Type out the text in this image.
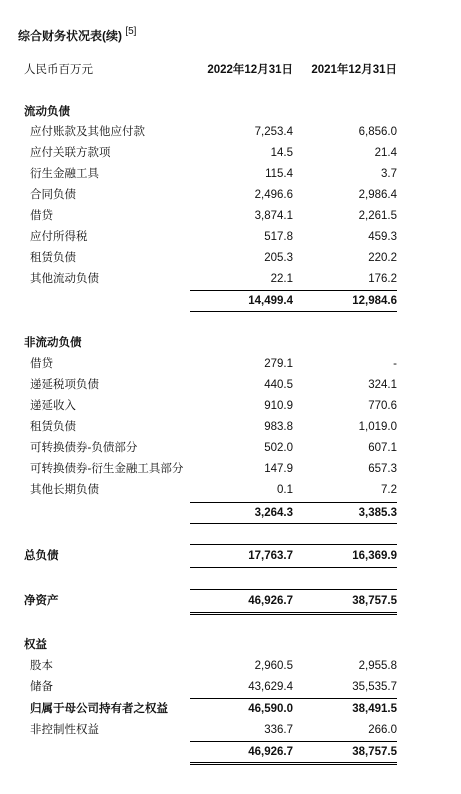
综合财务状况表(续) [5]
人民币百万元	2022年12月31日 2021年12月31日
流动负债
应付账款及其他应付款	7,253.4	6,856.0
应付关联方款项	14.5	21.4
衍生金融工具	115.4	3.7
合同负债	2,496.6	2,986.4
借贷	3,874.1	2,261.5
应付所得税	517.8	459.3
租赁负债	205.3	220.2
其他流动负债	22.1	176.2
14,499.4	12,984.6
非流动负债
借贷	279.1	-
递延税项负债	440.5	324.1
递延收入	910.9	770.6
租赁负债	983.8	1,019.0
可转换债券-负债部分	502.0	607.1
可转换债券-衍生金融工具部分	147.9	657.3
其他长期负债	0.1	7.2
3,264.3	3,385.3
总负债	17,763.7	16,369.9
净资产	46,926.7	38,757.5
权益
股本	2,960.5	2,955.8
储备	43,629.4	35,535.7
归属于母公司持有者之权益	46,590.0	38,491.5
非控制性权益	336.7	266.0
46,926.7	38,757.5
